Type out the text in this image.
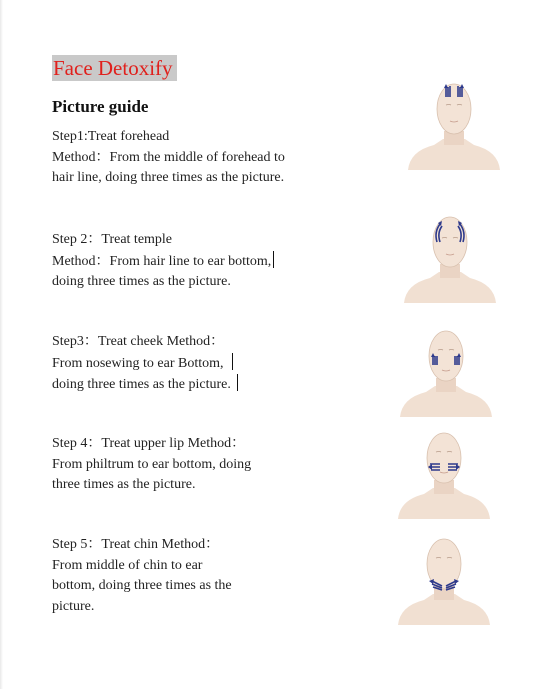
Face Detoxify
Picture guide
Step1:Treat forehead
Method：From the middle of forehead to
hair line, doing three times as the picture.
Step 2：Treat temple
Method：From hair line to ear bottom,
doing three times as the picture.
Step3：Treat cheek Method：
From nosewing to ear Bottom,
doing three times as the picture.
Step 4：Treat upper lip Method：
From philtrum to ear bottom, doing
three times as the picture.
Step 5：Treat chin Method：
From middle of chin to ear
bottom, doing three times as the
picture.
